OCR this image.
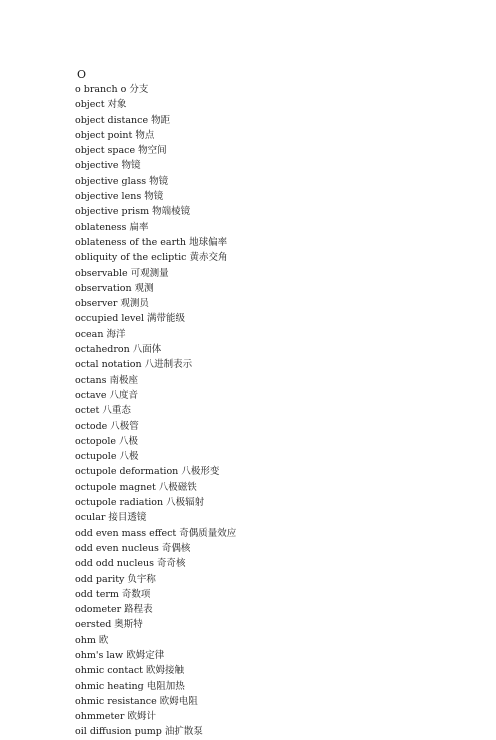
O
o branch o 分支
object 对象
object distance 物距
object point 物点
object space 物空间
objective 物镜
objective glass 物镜
objective lens 物镜
objective prism 物端棱镜
oblateness 扁率
oblateness of the earth 地球偏率
obliquity of the ecliptic 黄赤交角
observable 可观测量
observation 观测
observer 观测员
occupied level 满带能级
ocean 海洋
octahedron 八面体
octal notation 八进制表示
octans 南极座
octave 八度音
octet 八重态
octode 八极管
octopole 八极
octupole 八极
octupole deformation 八极形变
octupole magnet 八极磁铁
octupole radiation 八极辐射
ocular 接目透镜
odd even mass effect 奇偶质量效应
odd even nucleus 奇偶核
odd odd nucleus 奇奇核
odd parity 负宇称
odd term 奇数项
odometer 路程表
oersted 奥斯特
ohm 欧
ohm's law 欧姆定律
ohmic contact 欧姆接触
ohmic heating 电阻加热
ohmic resistance 欧姆电阻
ohmmeter 欧姆计
oil diffusion pump 油扩散泵
